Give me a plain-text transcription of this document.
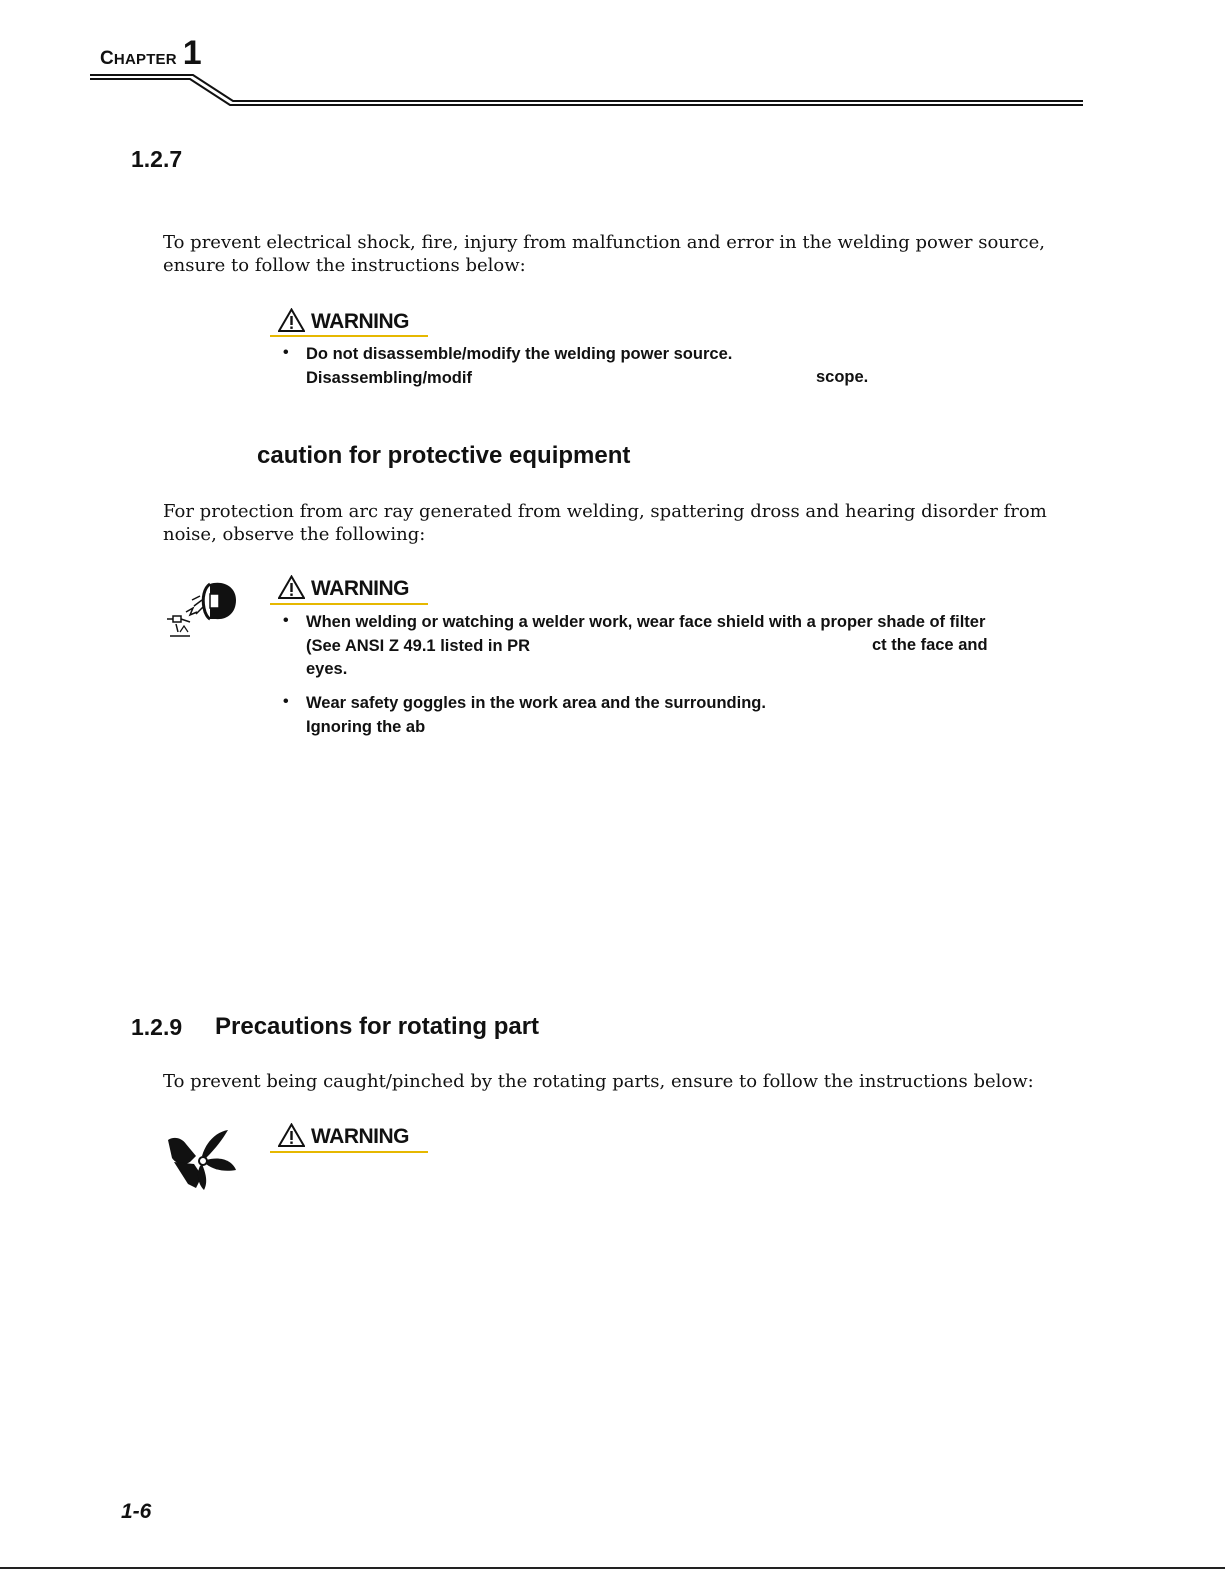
CHAPTER 1
1.2.7
To prevent electrical shock, fire, injury from malfunction and error in the welding power source, ensure to follow the instructions below:
WARNING
• Do not disassemble/modify the welding power source.
Disassembling/modif	scope.
caution for protective equipment
For protection from arc ray generated from welding, spattering dross and hearing disorder from noise, observe the following:
WARNING
• When welding or watching a welder work, wear face shield with a proper shade of filter
(See ANSI Z 49.1 listed in PR	ct the face and
eyes.
• Wear safety goggles in the work area and the surrounding.
Ignoring the ab
1.2.9 Precautions for rotating part
To prevent being caught/pinched by the rotating parts, ensure to follow the instructions below:
WARNING
1-6
